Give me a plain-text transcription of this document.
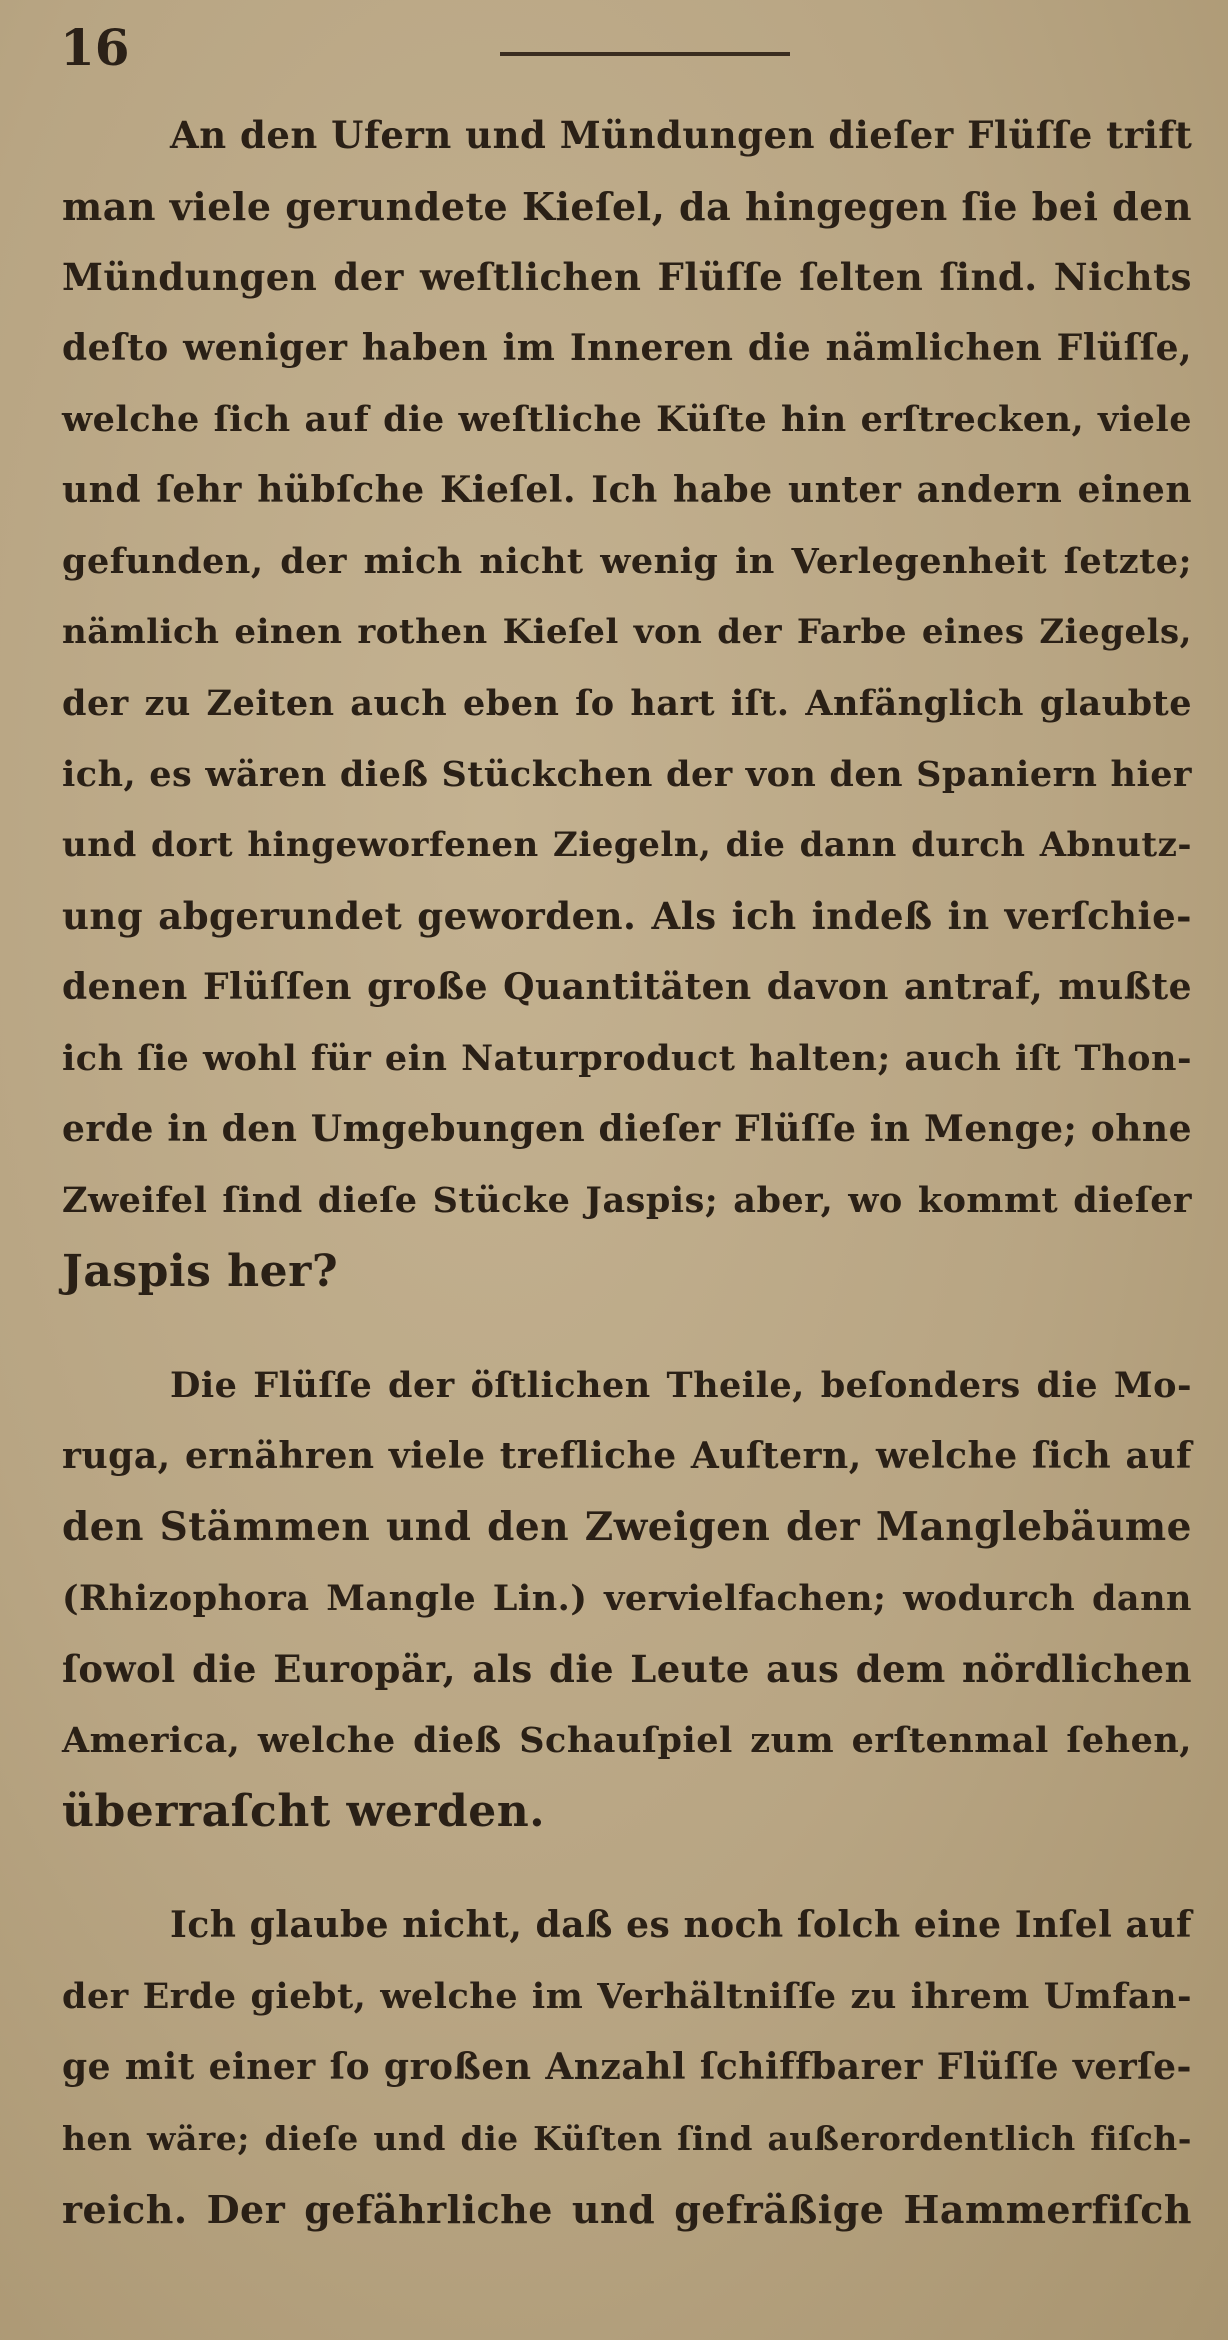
16
An den Ufern und Mündungen dieſer Flüſſe trift
man viele gerundete Kieſel, da hingegen ſie bei den
Mündungen der weſtlichen Flüſſe ſelten ſind. Nichts
deſto weniger haben im Inneren die nämlichen Flüſſe,
welche ſich auf die weſtliche Küſte hin erſtrecken, viele
und ſehr hübſche Kieſel. Ich habe unter andern einen
gefunden, der mich nicht wenig in Verlegenheit ſetzte;
nämlich einen rothen Kieſel von der Farbe eines Ziegels,
der zu Zeiten auch eben ſo hart iſt. Anfänglich glaubte
ich, es wären dieß Stückchen der von den Spaniern hier
und dort hingeworfenen Ziegeln, die dann durch Abnutz-
ung abgerundet geworden. Als ich indeß in verſchie-
denen Flüſſen große Quantitäten davon antraf, mußte
ich ſie wohl für ein Naturproduct halten; auch iſt Thon-
erde in den Umgebungen dieſer Flüſſe in Menge; ohne
Zweifel ſind dieſe Stücke Jaspis; aber, wo kommt dieſer
Jaspis her?
Die Flüſſe der öſtlichen Theile, beſonders die Mo-
ruga, ernähren viele trefliche Auſtern, welche ſich auf
den Stämmen und den Zweigen der Manglebäume
(Rhizophora Mangle Lin.) vervielfachen; wodurch dann
ſowol die Europär, als die Leute aus dem nördlichen
America, welche dieß Schauſpiel zum erſtenmal ſehen,
überraſcht werden.
Ich glaube nicht, daß es noch ſolch eine Inſel auf
der Erde giebt, welche im Verhältniſſe zu ihrem Umfan-
ge mit einer ſo großen Anzahl ſchiffbarer Flüſſe verſe-
hen wäre; dieſe und die Küſten ſind außerordentlich fiſch-
reich. Der gefährliche und gefräßige Hammerfiſch
